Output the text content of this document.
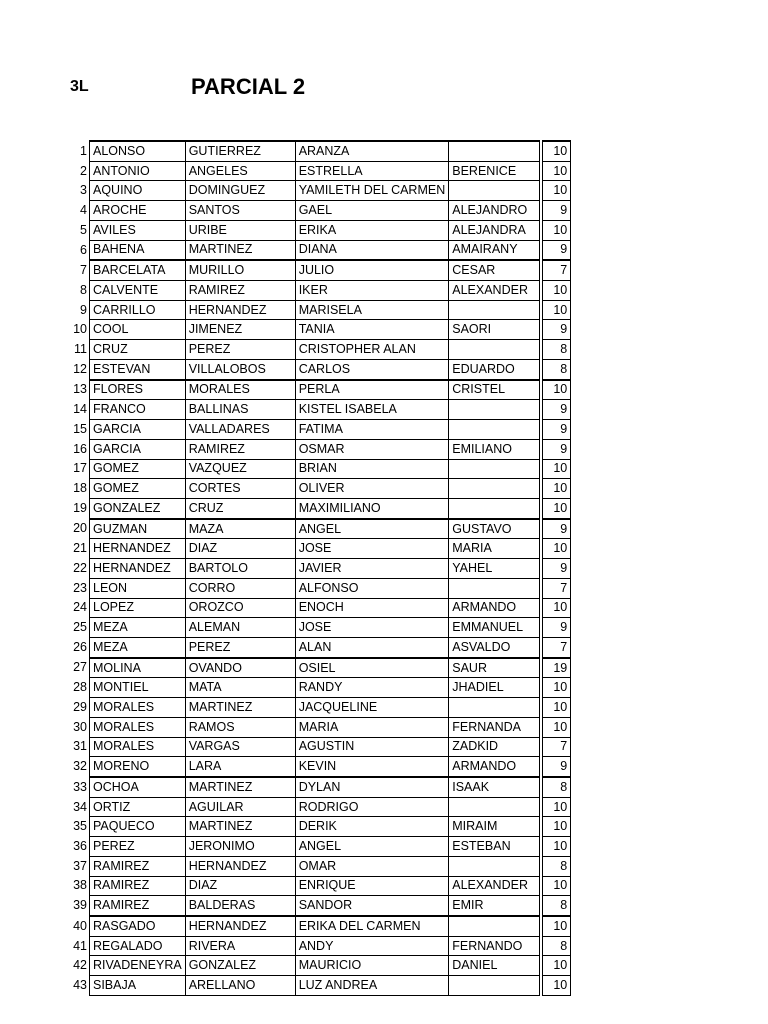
3L	PARCIAL 2
1	ALONSO	GUTIERREZ	ARANZA			10
2	ANTONIO	ANGELES	ESTRELLA	BERENICE		10
3	AQUINO	DOMINGUEZ	YAMILETH DEL CARMEN			10
4	AROCHE	SANTOS	GAEL	ALEJANDRO		9
5	AVILES	URIBE	ERIKA	ALEJANDRA		10
6	BAHENA	MARTINEZ	DIANA	AMAIRANY		9
7	BARCELATA	MURILLO	JULIO	CESAR		7
8	CALVENTE	RAMIREZ	IKER	ALEXANDER		10
9	CARRILLO	HERNANDEZ	MARISELA			10
10	COOL	JIMENEZ	TANIA	SAORI		9
11	CRUZ	PEREZ	CRISTOPHER ALAN			8
12	ESTEVAN	VILLALOBOS	CARLOS	EDUARDO		8
13	FLORES	MORALES	PERLA	CRISTEL		10
14	FRANCO	BALLINAS	KISTEL ISABELA			9
15	GARCIA	VALLADARES	FATIMA			9
16	GARCIA	RAMIREZ	OSMAR	EMILIANO		9
17	GOMEZ	VAZQUEZ	BRIAN			10
18	GOMEZ	CORTES	OLIVER			10
19	GONZALEZ	CRUZ	MAXIMILIANO			10
20	GUZMAN	MAZA	ANGEL	GUSTAVO		9
21	HERNANDEZ	DIAZ	JOSE	MARIA		10
22	HERNANDEZ	BARTOLO	JAVIER	YAHEL		9
23	LEON	CORRO	ALFONSO			7
24	LOPEZ	OROZCO	ENOCH	ARMANDO		10
25	MEZA	ALEMAN	JOSE	EMMANUEL		9
26	MEZA	PEREZ	ALAN	ASVALDO		7
27	MOLINA	OVANDO	OSIEL	SAUR		19
28	MONTIEL	MATA	RANDY	JHADIEL		10
29	MORALES	MARTINEZ	JACQUELINE			10
30	MORALES	RAMOS	MARIA	FERNANDA		10
31	MORALES	VARGAS	AGUSTIN	ZADKID		7
32	MORENO	LARA	KEVIN	ARMANDO		9
33	OCHOA	MARTINEZ	DYLAN	ISAAK		8
34	ORTIZ	AGUILAR	RODRIGO			10
35	PAQUECO	MARTINEZ	DERIK	MIRAIM		10
36	PEREZ	JERONIMO	ANGEL	ESTEBAN		10
37	RAMIREZ	HERNANDEZ	OMAR			8
38	RAMIREZ	DIAZ	ENRIQUE	ALEXANDER		10
39	RAMIREZ	BALDERAS	SANDOR	EMIR		8
40	RASGADO	HERNANDEZ	ERIKA DEL CARMEN			10
41	REGALADO	RIVERA	ANDY	FERNANDO		8
42	RIVADENEYRA	GONZALEZ	MAURICIO	DANIEL		10
43	SIBAJA	ARELLANO	LUZ ANDREA			10
